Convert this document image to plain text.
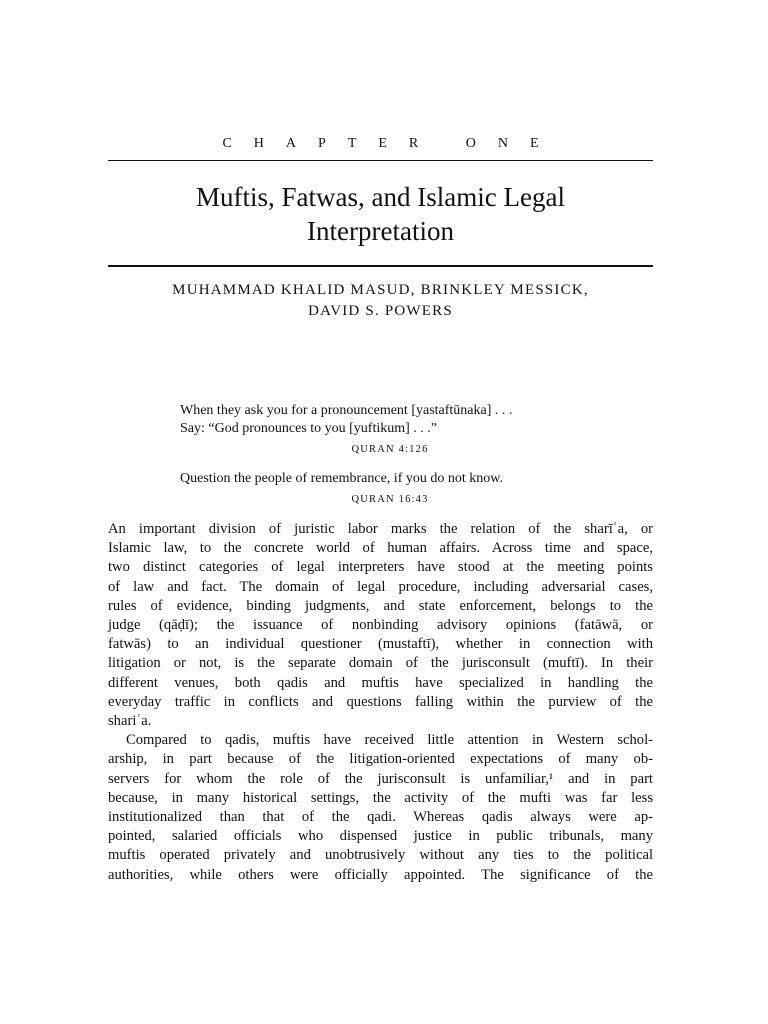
CHAPTER ONE
Muftis, Fatwas, and Islamic Legal
Interpretation
MUHAMMAD KHALID MASUD, BRINKLEY MESSICK,
DAVID S. POWERS
When they ask you for a pronouncement [yastaftūnaka] . . .
Say: “God pronounces to you [yuftikum] . . .”
QURAN 4:126
Question the people of remembrance, if you do not know.
QURAN 16:43
An important division of juristic labor marks the relation of the sharīʿa, or
Islamic law, to the concrete world of human affairs. Across time and space,
two distinct categories of legal interpreters have stood at the meeting points
of law and fact. The domain of legal procedure, including adversarial cases,
rules of evidence, binding judgments, and state enforcement, belongs to the
judge (qāḍī); the issuance of nonbinding advisory opinions (fatāwā, or
fatwās) to an individual questioner (mustaftī), whether in connection with
litigation or not, is the separate domain of the jurisconsult (muftī). In their
different venues, both qadis and muftis have specialized in handling the
everyday traffic in conflicts and questions falling within the purview of the
shariʿa.
Compared to qadis, muftis have received little attention in Western schol-
arship, in part because of the litigation-oriented expectations of many ob-
servers for whom the role of the jurisconsult is unfamiliar,¹ and in part
because, in many historical settings, the activity of the mufti was far less
institutionalized than that of the qadi. Whereas qadis always were ap-
pointed, salaried officials who dispensed justice in public tribunals, many
muftis operated privately and unobtrusively without any ties to the political
authorities, while others were officially appointed. The significance of the
